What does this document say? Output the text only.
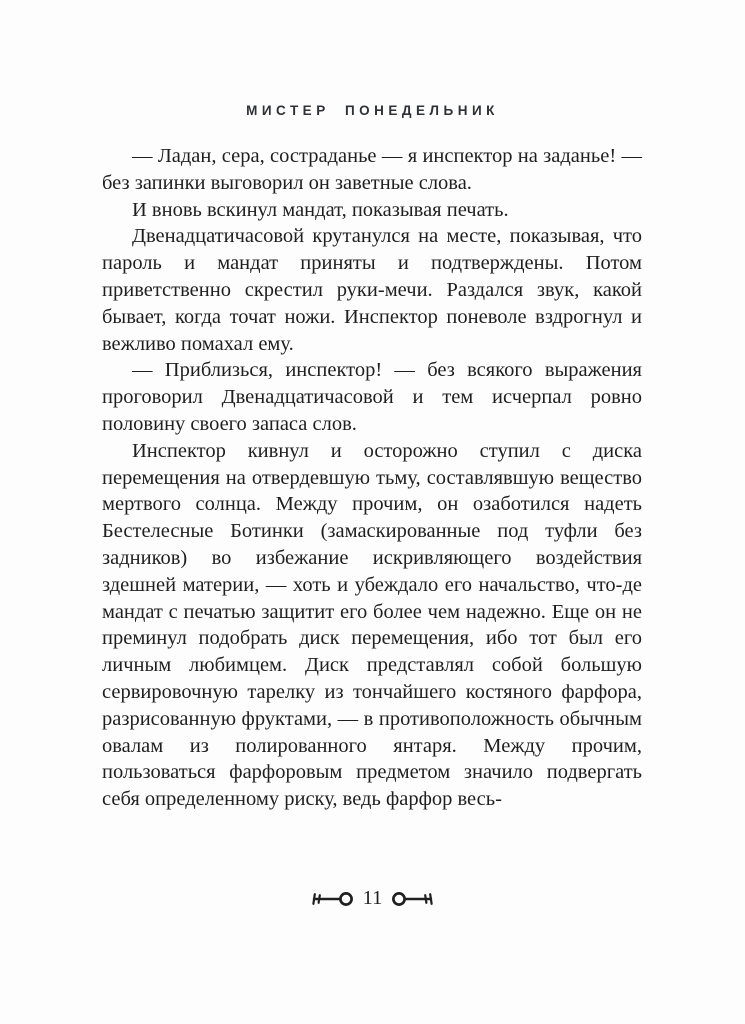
МИСТЕР ПОНЕДЕЛЬНИК

— Ладан, сера, состраданье — я инспектор на заданье! — без запинки выговорил он заветные слова.

И вновь вскинул мандат, показывая печать.

Двенадцатичасовой крутанулся на месте, показывая, что пароль и мандат приняты и подтверждены. Потом приветственно скрестил руки-мечи. Раздался звук, какой бывает, когда точат ножи. Инспектор поневоле вздрогнул и вежливо помахал ему.

— Приблизься, инспектор! — без всякого выражения проговорил Двенадцатичасовой и тем исчерпал ровно половину своего запаса слов.

Инспектор кивнул и осторожно ступил с диска перемещения на отвердевшую тьму, составлявшую вещество мертвого солнца. Между прочим, он озаботился надеть Бестелесные Ботинки (замаскированные под туфли без задников) во избежание искривляющего воздействия здешней материи, — хоть и убеждало его начальство, что-де мандат с печатью защитит его более чем надежно. Еще он не преминул подобрать диск перемещения, ибо тот был его личным любимцем. Диск представлял собой большую сервировочную тарелку из тончайшего костяного фарфора, разрисованную фруктами, — в противоположность обычным овалам из полированного янтаря. Между прочим, пользоваться фарфоровым предметом значило подвергать себя определенному риску, ведь фарфор весь-

11
